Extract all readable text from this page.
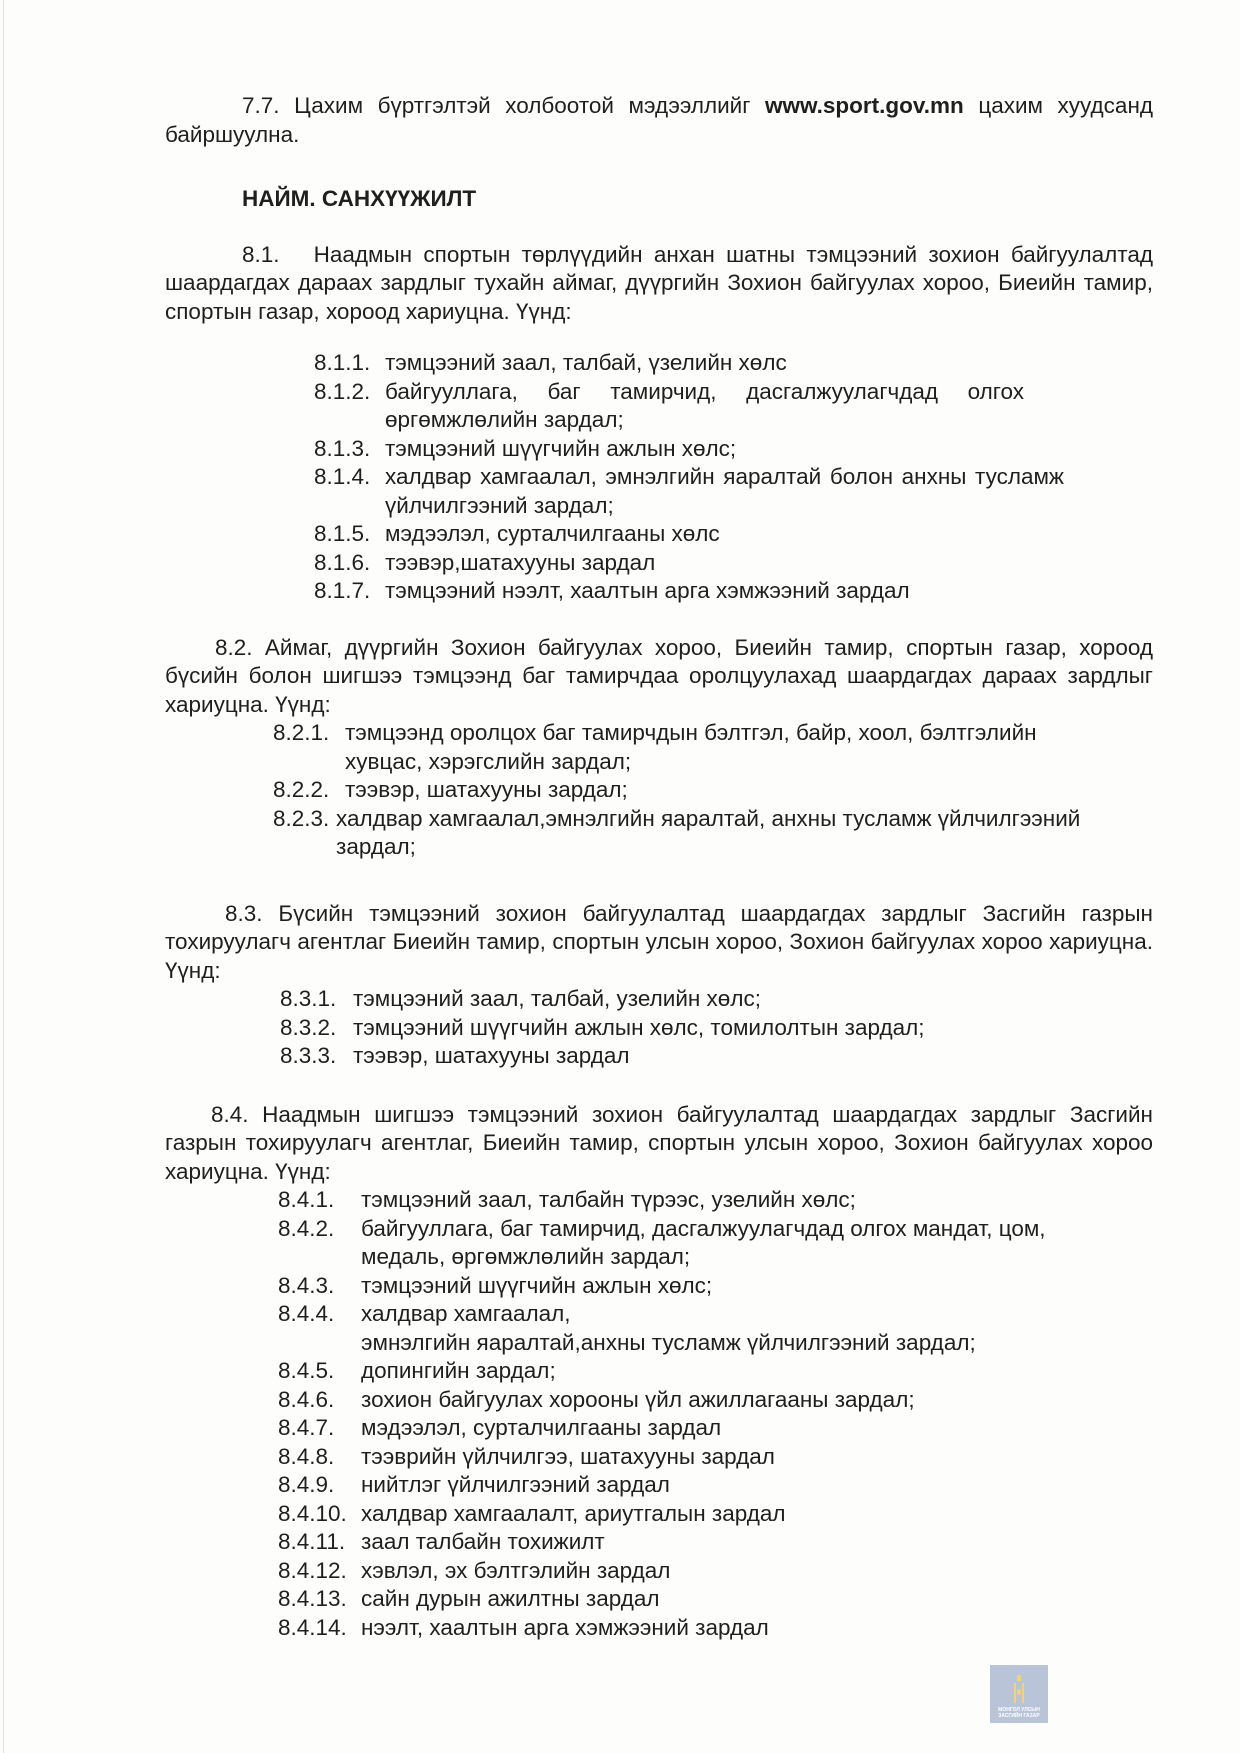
7.7. Цахим бүртгэлтэй холбоотой мэдээллийг www.sport.gov.mn цахим хуудсанд байршуулна.

НАЙМ. САНХҮҮЖИЛТ

8.1. Наадмын спортын төрлүүдийн анхан шатны тэмцээний зохион байгуулалтад шаардагдах дараах зардлыг тухайн аймаг, дүүргийн Зохион байгуулах хороо, Биеийн тамир, спортын газар, хороод хариуцна. Үүнд:

8.1.1. тэмцээний заал, талбай, үзелийн хөлс
8.1.2. байгууллага, баг тамирчид, дасгалжуулагчдад олгох өргөмжлөлийн зардал;
8.1.3. тэмцээний шүүгчийн ажлын хөлс;
8.1.4. халдвар хамгаалал, эмнэлгийн яаралтай болон анхны тусламж үйлчилгээний зардал;
8.1.5. мэдээлэл, сурталчилгааны хөлс
8.1.6. тээвэр,шатахууны зардал
8.1.7. тэмцээний нээлт, хаалтын арга хэмжээний зардал

8.2. Аймаг, дүүргийн Зохион байгуулах хороо, Биеийн тамир, спортын газар, хороод бүсийн болон шигшээ тэмцээнд баг тамирчдаа оролцуулахад шаардагдах дараах зардлыг хариуцна. Үүнд:

8.2.1. тэмцээнд оролцох баг тамирчдын бэлтгэл, байр, хоол, бэлтгэлийн хувцас, хэрэгслийн зардал;
8.2.2. тээвэр, шатахууны зардал;
8.2.3. халдвар хамгаалал,эмнэлгийн яаралтай, анхны тусламж үйлчилгээний зардал;

8.3. Бүсийн тэмцээний зохион байгуулалтад шаардагдах зардлыг Засгийн газрын тохируулагч агентлаг Биеийн тамир, спортын улсын хороо, Зохион байгуулах хороо хариуцна. Үүнд:

8.3.1. тэмцээний заал, талбай, узелийн хөлс;
8.3.2. тэмцээний шүүгчийн ажлын хөлс, томилолтын зардал;
8.3.3. тээвэр, шатахууны зардал

8.4. Наадмын шигшээ тэмцээний зохион байгуулалтад шаардагдах зардлыг Засгийн газрын тохируулагч агентлаг, Биеийн тамир, спортын улсын хороо, Зохион байгуулах хороо хариуцна. Үүнд:

8.4.1.	тэмцээний заал, талбайн түрээс, узелийн хөлс;
8.4.2.	байгууллага, баг тамирчид, дасгалжуулагчдад олгох мандат, цом, медаль, өргөмжлөлийн зардал;
8.4.3.	тэмцээний шүүгчийн ажлын хөлс;
8.4.4.	халдвар хамгаалал,
эмнэлгийн яаралтай,анхны тусламж үйлчилгээний зардал;
8.4.5.	допингийн зардал;
8.4.6.	зохион байгуулах хорооны үйл ажиллагааны зардал;
8.4.7.	мэдээлэл, сурталчилгааны зардал
8.4.8.	тээврийн үйлчилгээ, шатахууны зардал
8.4.9.	нийтлэг үйлчилгээний зардал
8.4.10. халдвар хамгаалалт, ариутгалын зардал
8.4.11. заал талбайн тохижилт
8.4.12. хэвлэл, эх бэлтгэлийн зардал
8.4.13. сайн дурын ажилтны зардал
8.4.14. нээлт, хаалтын арга хэмжээний зардал
МОНГОЛ УЛСЫН
ЗАСГИЙН ГАЗАР
